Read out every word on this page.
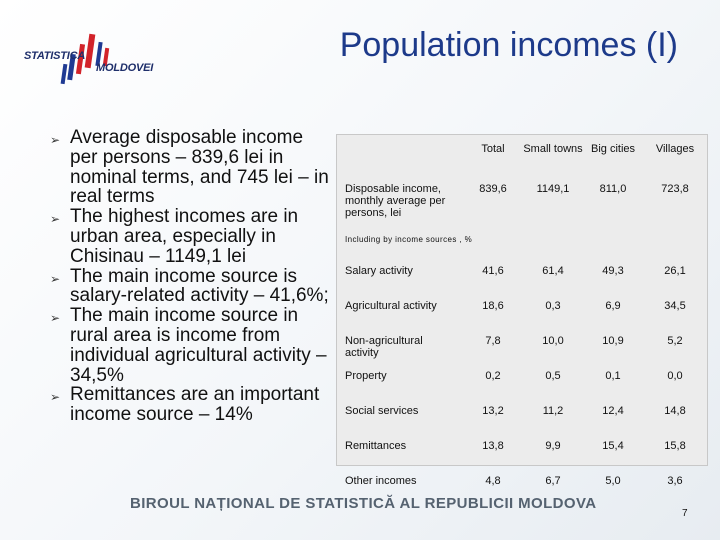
STATISTICA
MOLDOVEI
Population incomes (I)
➢ Average disposable income per persons – 839,6 lei in nominal terms, and 745 lei – in real terms
➢ The highest incomes are in urban area, especially in Chisinau – 1149,1 lei
➢ The main income source is salary-related activity – 41,6%;
➢ The main income source in rural area is income from individual agricultural activity – 34,5%
➢ Remittances are an important income source – 14%
	Total	Small towns	Big cities	Villages
Disposable income, monthly average per persons, lei	839,6	1149,1	811,0	723,8
Including by income sources , %				
Salary activity	41,6	61,4	49,3	26,1
Agricultural activity	18,6	0,3	6,9	34,5
Non-agricultural activity	7,8	10,0	10,9	5,2
Property	0,2	0,5	0,1	0,0
Social services	13,2	11,2	12,4	14,8
Remittances	13,8	9,9	15,4	15,8
Other incomes	4,8	6,7	5,0	3,6
BIROUL NAȚIONAL DE STATISTICĂ AL REPUBLICII MOLDOVA
7
